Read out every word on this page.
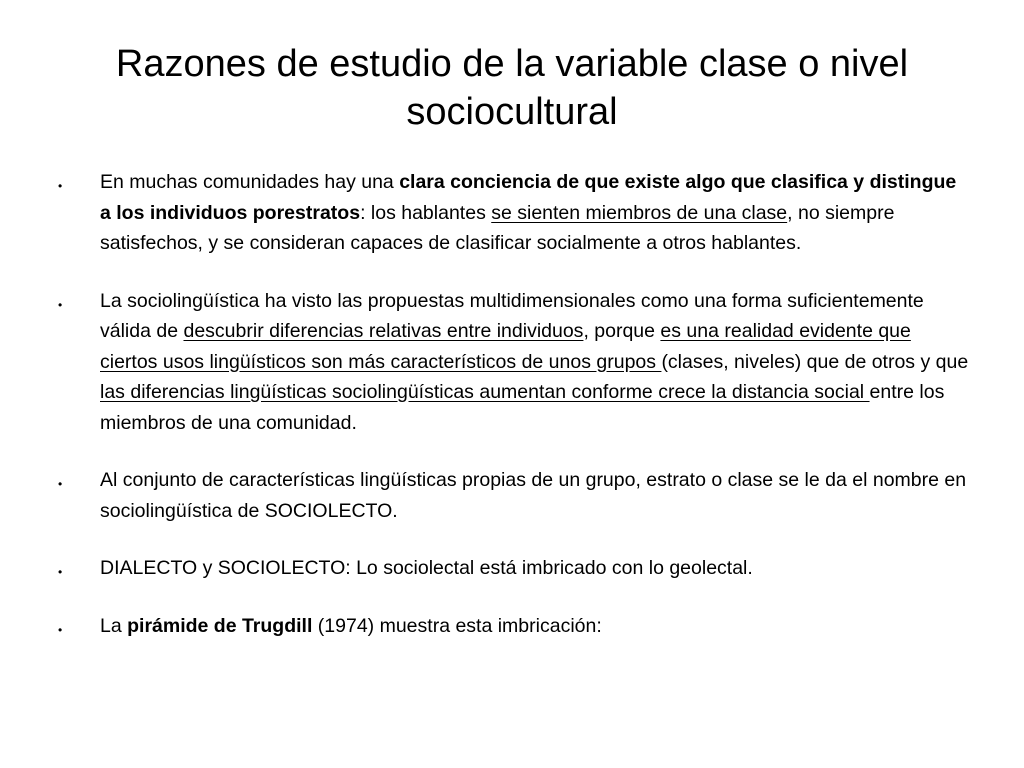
Razones de estudio de la variable clase o nivel sociocultural
• En muchas comunidades hay una clara conciencia de que existe algo que clasifica y distingue a los individuos porestratos: los hablantes se sienten miembros de una clase, no siempre satisfechos, y se consideran capaces de clasificar socialmente a otros hablantes.
• La sociolingüística ha visto las propuestas multidimensionales como una forma suficientemente válida de descubrir diferencias relativas entre individuos, porque es una realidad evidente que ciertos usos lingüísticos son más característicos de unos grupos (clases, niveles) que de otros y que las diferencias lingüísticas sociolingüísticas aumentan conforme crece la distancia social entre los miembros de una comunidad.
• Al conjunto de características lingüísticas propias de un grupo, estrato o clase se le da el nombre en sociolingüística de SOCIOLECTO.
• DIALECTO y SOCIOLECTO: Lo sociolectal está imbricado con lo geolectal.
• La pirámide de Trugdill (1974) muestra esta imbricación:
